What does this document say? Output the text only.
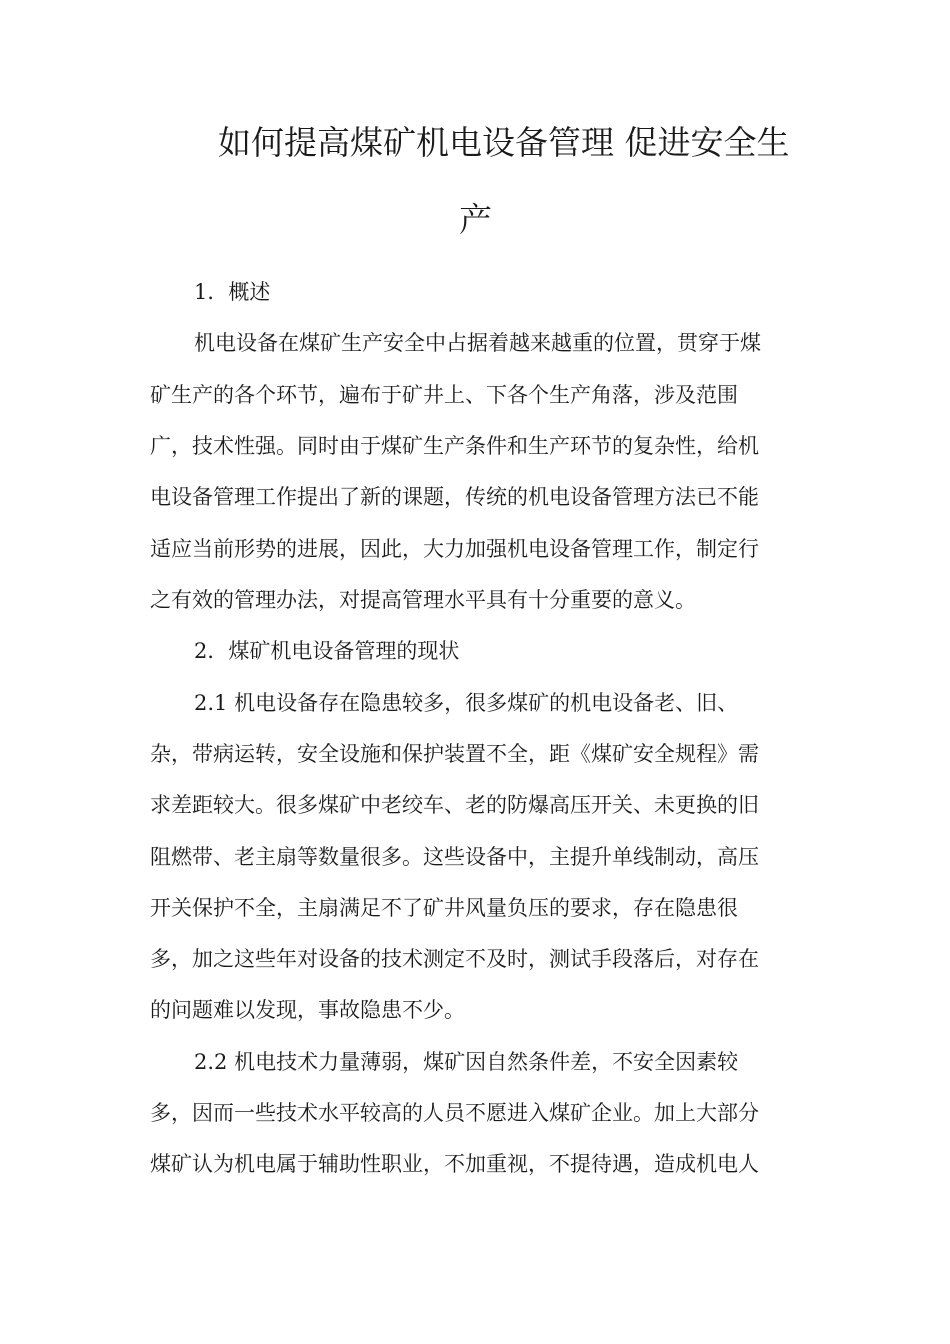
如何提高煤矿机电设备管理 促进安全生
产
1．概述
机电设备在煤矿生产安全中占据着越来越重的位置，贯穿于煤
矿生产的各个环节，遍布于矿井上、下各个生产角落，涉及范围
广，技术性强。同时由于煤矿生产条件和生产环节的复杂性，给机
电设备管理工作提出了新的课题，传统的机电设备管理方法已不能
适应当前形势的进展，因此，大力加强机电设备管理工作，制定行
之有效的管理办法，对提高管理水平具有十分重要的意义。
2．煤矿机电设备管理的现状
2.1 机电设备存在隐患较多，很多煤矿的机电设备老、旧、
杂，带病运转，安全设施和保护装置不全，距《煤矿安全规程》需
求差距较大。很多煤矿中老绞车、老的防爆高压开关、未更换的旧
阻燃带、老主扇等数量很多。这些设备中，主提升单线制动，高压
开关保护不全，主扇满足不了矿井风量负压的要求，存在隐患很
多，加之这些年对设备的技术测定不及时，测试手段落后，对存在
的问题难以发现，事故隐患不少。
2.2 机电技术力量薄弱，煤矿因自然条件差，不安全因素较
多，因而一些技术水平较高的人员不愿进入煤矿企业。加上大部分
煤矿认为机电属于辅助性职业，不加重视，不提待遇，造成机电人
